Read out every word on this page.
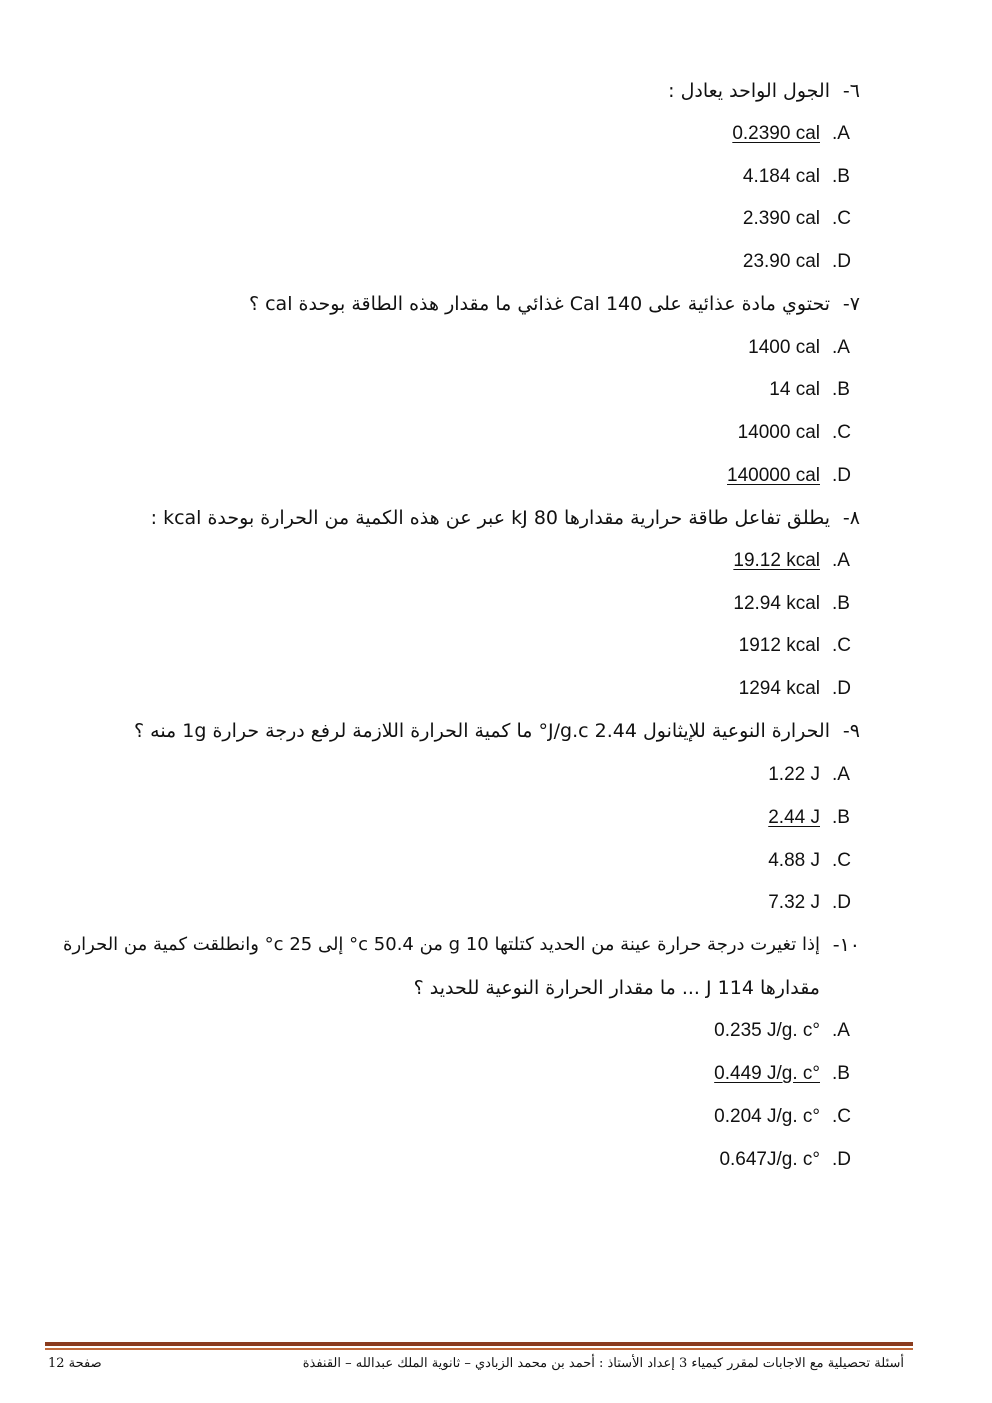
٦-
الجول الواحد يعادل :
.A
0.2390 cal
.B
4.184 cal
.C
2.390 cal
.D
23.90 cal
٧-
تحتوي مادة عذائية على 140 Cal غذائي ما مقدار هذه الطاقة بوحدة cal ؟
.A
1400 cal
.B
14 cal
.C
14000 cal
.D
140000 cal
٨-
يطلق تفاعل طاقة حرارية مقدارها 80 kJ عبر عن هذه الكمية من الحرارة بوحدة kcal :
.A
19.12 kcal
.B
12.94 kcal
.C
1912 kcal
.D
1294 kcal
٩-
الحرارة النوعية للإيثانول 2.44 J/g.c° ما كمية الحرارة اللازمة لرفع درجة حرارة 1g منه ؟
.A
1.22 J
.B
2.44 J
.C
4.88 J
.D
7.32 J
١٠-
إذا تغيرت درجة حرارة عينة من الحديد كتلتها 10 g من 50.4 c° إلى 25 c° وانطلقت كمية من الحرارة
مقدارها 114 J ... ما مقدار الحرارة النوعية للحديد ؟
.A
0.235 J/g. c°
.B
0.449 J/g. c°
.C
0.204 J/g. c°
.D
0.647J/g. c°
أسئلة تحصيلية مع الاجابات لمقرر كيمياء 3 إعداد الأستاذ : أحمد بن محمد الزبادي – ثانوية الملك عبدالله – القنفذة
صفحة 12
